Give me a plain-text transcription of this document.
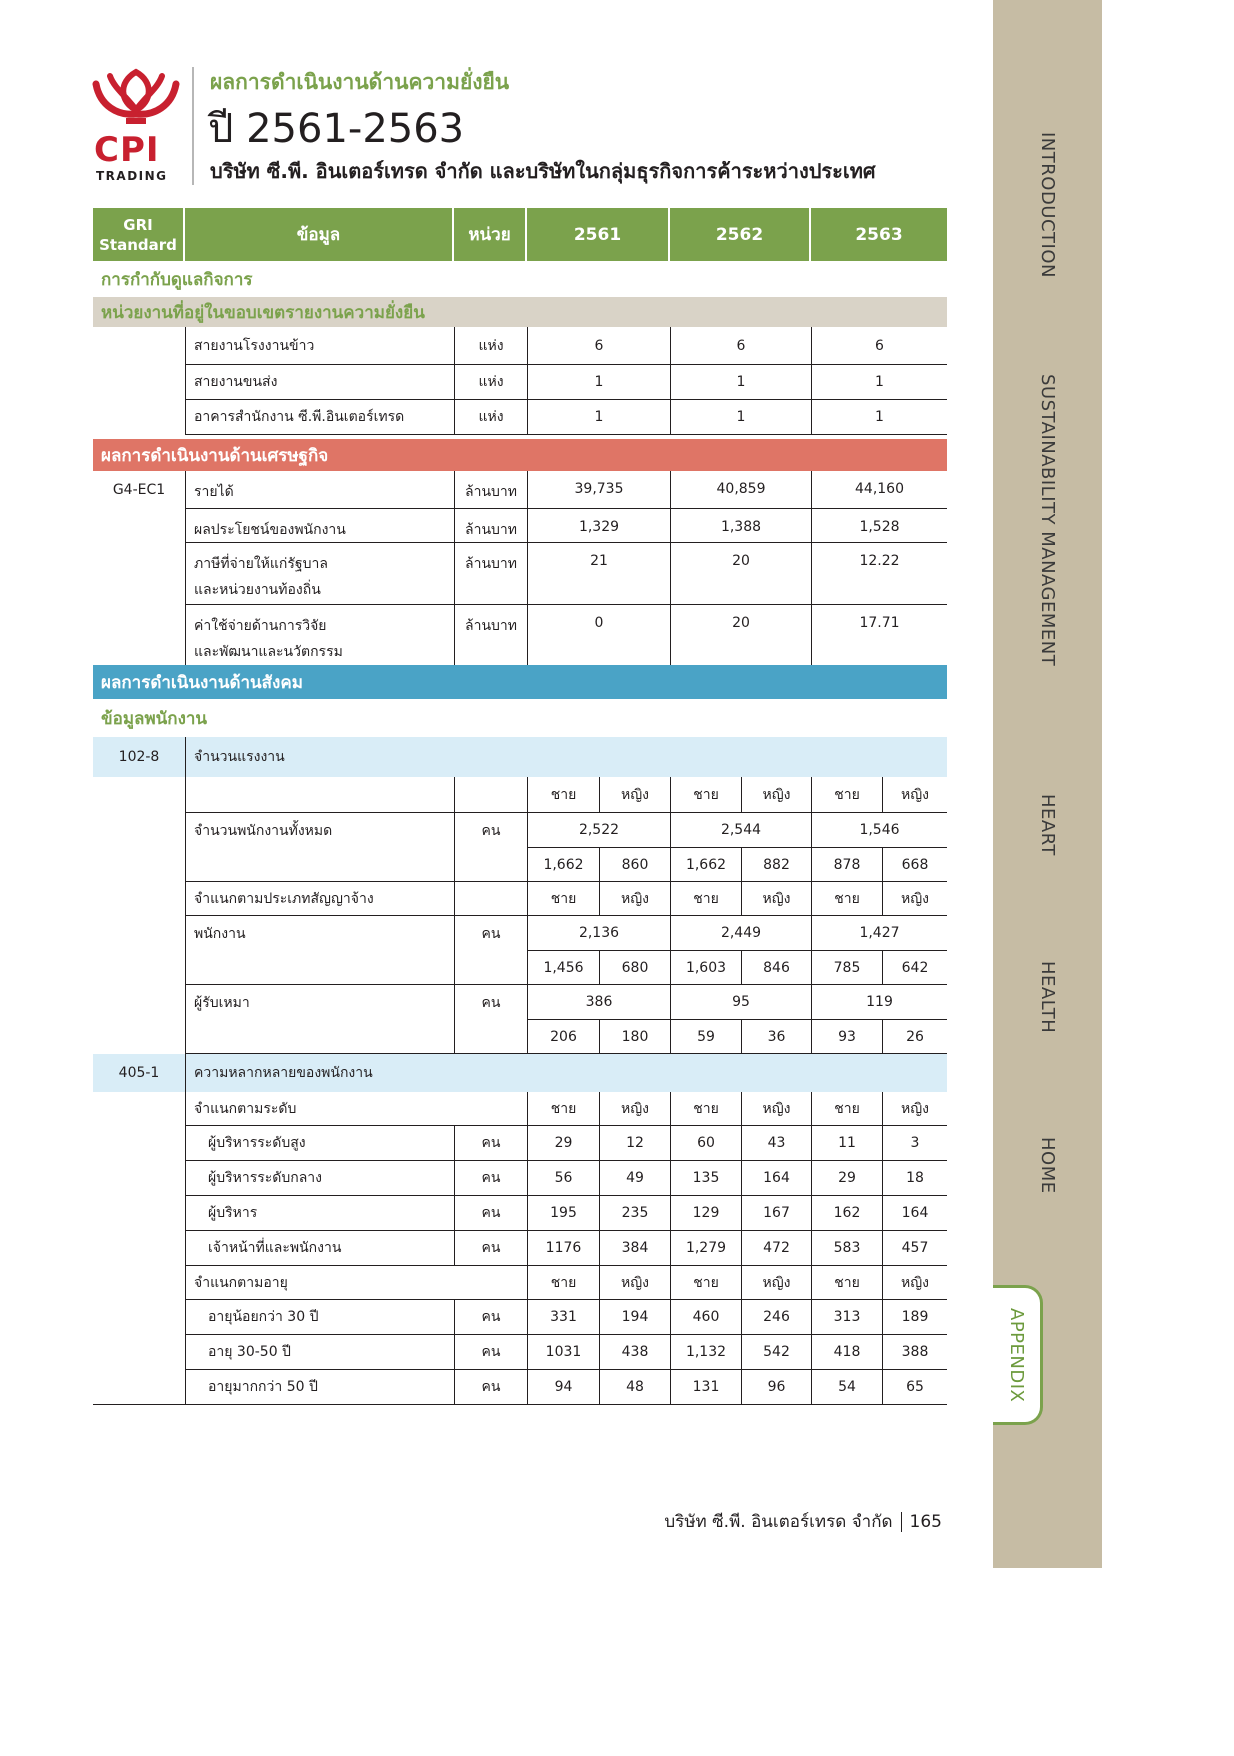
CPI
TRADING
ผลการดำเนินงานด้านความยั่งยืน
ปี 2561-2563
บริษัท ซี.พี. อินเตอร์เทรด จำกัด และบริษัทในกลุ่มธุรกิจการค้าระหว่างประเทศ	INTRODUCTION
SUSTAINABILITY MANAGEMENT
HEART
HEALTH
HOME
APPENDIX
GRI
Standard	ข้อมูล	หน่วย	2561	2562	2563
การกำกับดูแลกิจการ
หน่วยงานที่อยู่ในขอบเขตรายงานความยั่งยืน
สายงานโรงงานข้าว	แห่ง	6	6	6
สายงานขนส่ง	แห่ง	1	1	1
อาคารสำนักงาน ซี.พี.อินเตอร์เทรด	แห่ง	1	1	1
ผลการดำเนินงานด้านเศรษฐกิจ
G4-EC1	รายได้	ล้านบาท	39,735	40,859	44,160
ผลประโยชน์ของพนักงาน	ล้านบาท	1,329	1,388	1,528
ภาษีที่จ่ายให้แก่รัฐบาล
และหน่วยงานท้องถิ่น
ล้านบาท	21	20	12.22
ค่าใช้จ่ายด้านการวิจัย
และพัฒนาและนวัตกรรม
ล้านบาท	0	20	17.71
ผลการดำเนินงานด้านสังคม
ข้อมูลพนักงาน
102-8	จำนวนแรงงาน
ชาย	หญิง	ชาย	หญิง	ชาย	หญิง
จำนวนพนักงานทั้งหมด	คน	2,522	2,544	1,546
1,662	860	1,662	882	878	668
จำแนกตามประเภทสัญญาจ้าง	ชาย	หญิง	ชาย	หญิง	ชาย	หญิง
พนักงาน	คน	2,136	2,449	1,427
1,456	680	1,603	846	785	642
ผู้รับเหมา	คน	386	95	119
206	180	59	36	93	26
405-1	ความหลากหลายของพนักงาน
จำแนกตามระดับ	ชาย	หญิง	ชาย	หญิง	ชาย	หญิง
ผู้บริหารระดับสูง	คน	29	12	60	43	11	3
ผู้บริหารระดับกลาง	คน	56	49	135	164	29	18
ผู้บริหาร	คน	195	235	129	167	162	164
เจ้าหน้าที่และพนักงาน	คน	1176	384	1,279	472	583	457
จำแนกตามอายุ	ชาย	หญิง	ชาย	หญิง	ชาย	หญิง
อายุน้อยกว่า 30 ปี	คน	331	194	460	246	313	189
อายุ 30-50 ปี	คน	1031	438	1,132	542	418	388
อายุมากกว่า 50 ปี	คน	94	48	131	96	54	65
บริษัท ซี.พี. อินเตอร์เทรด จำกัด 165
